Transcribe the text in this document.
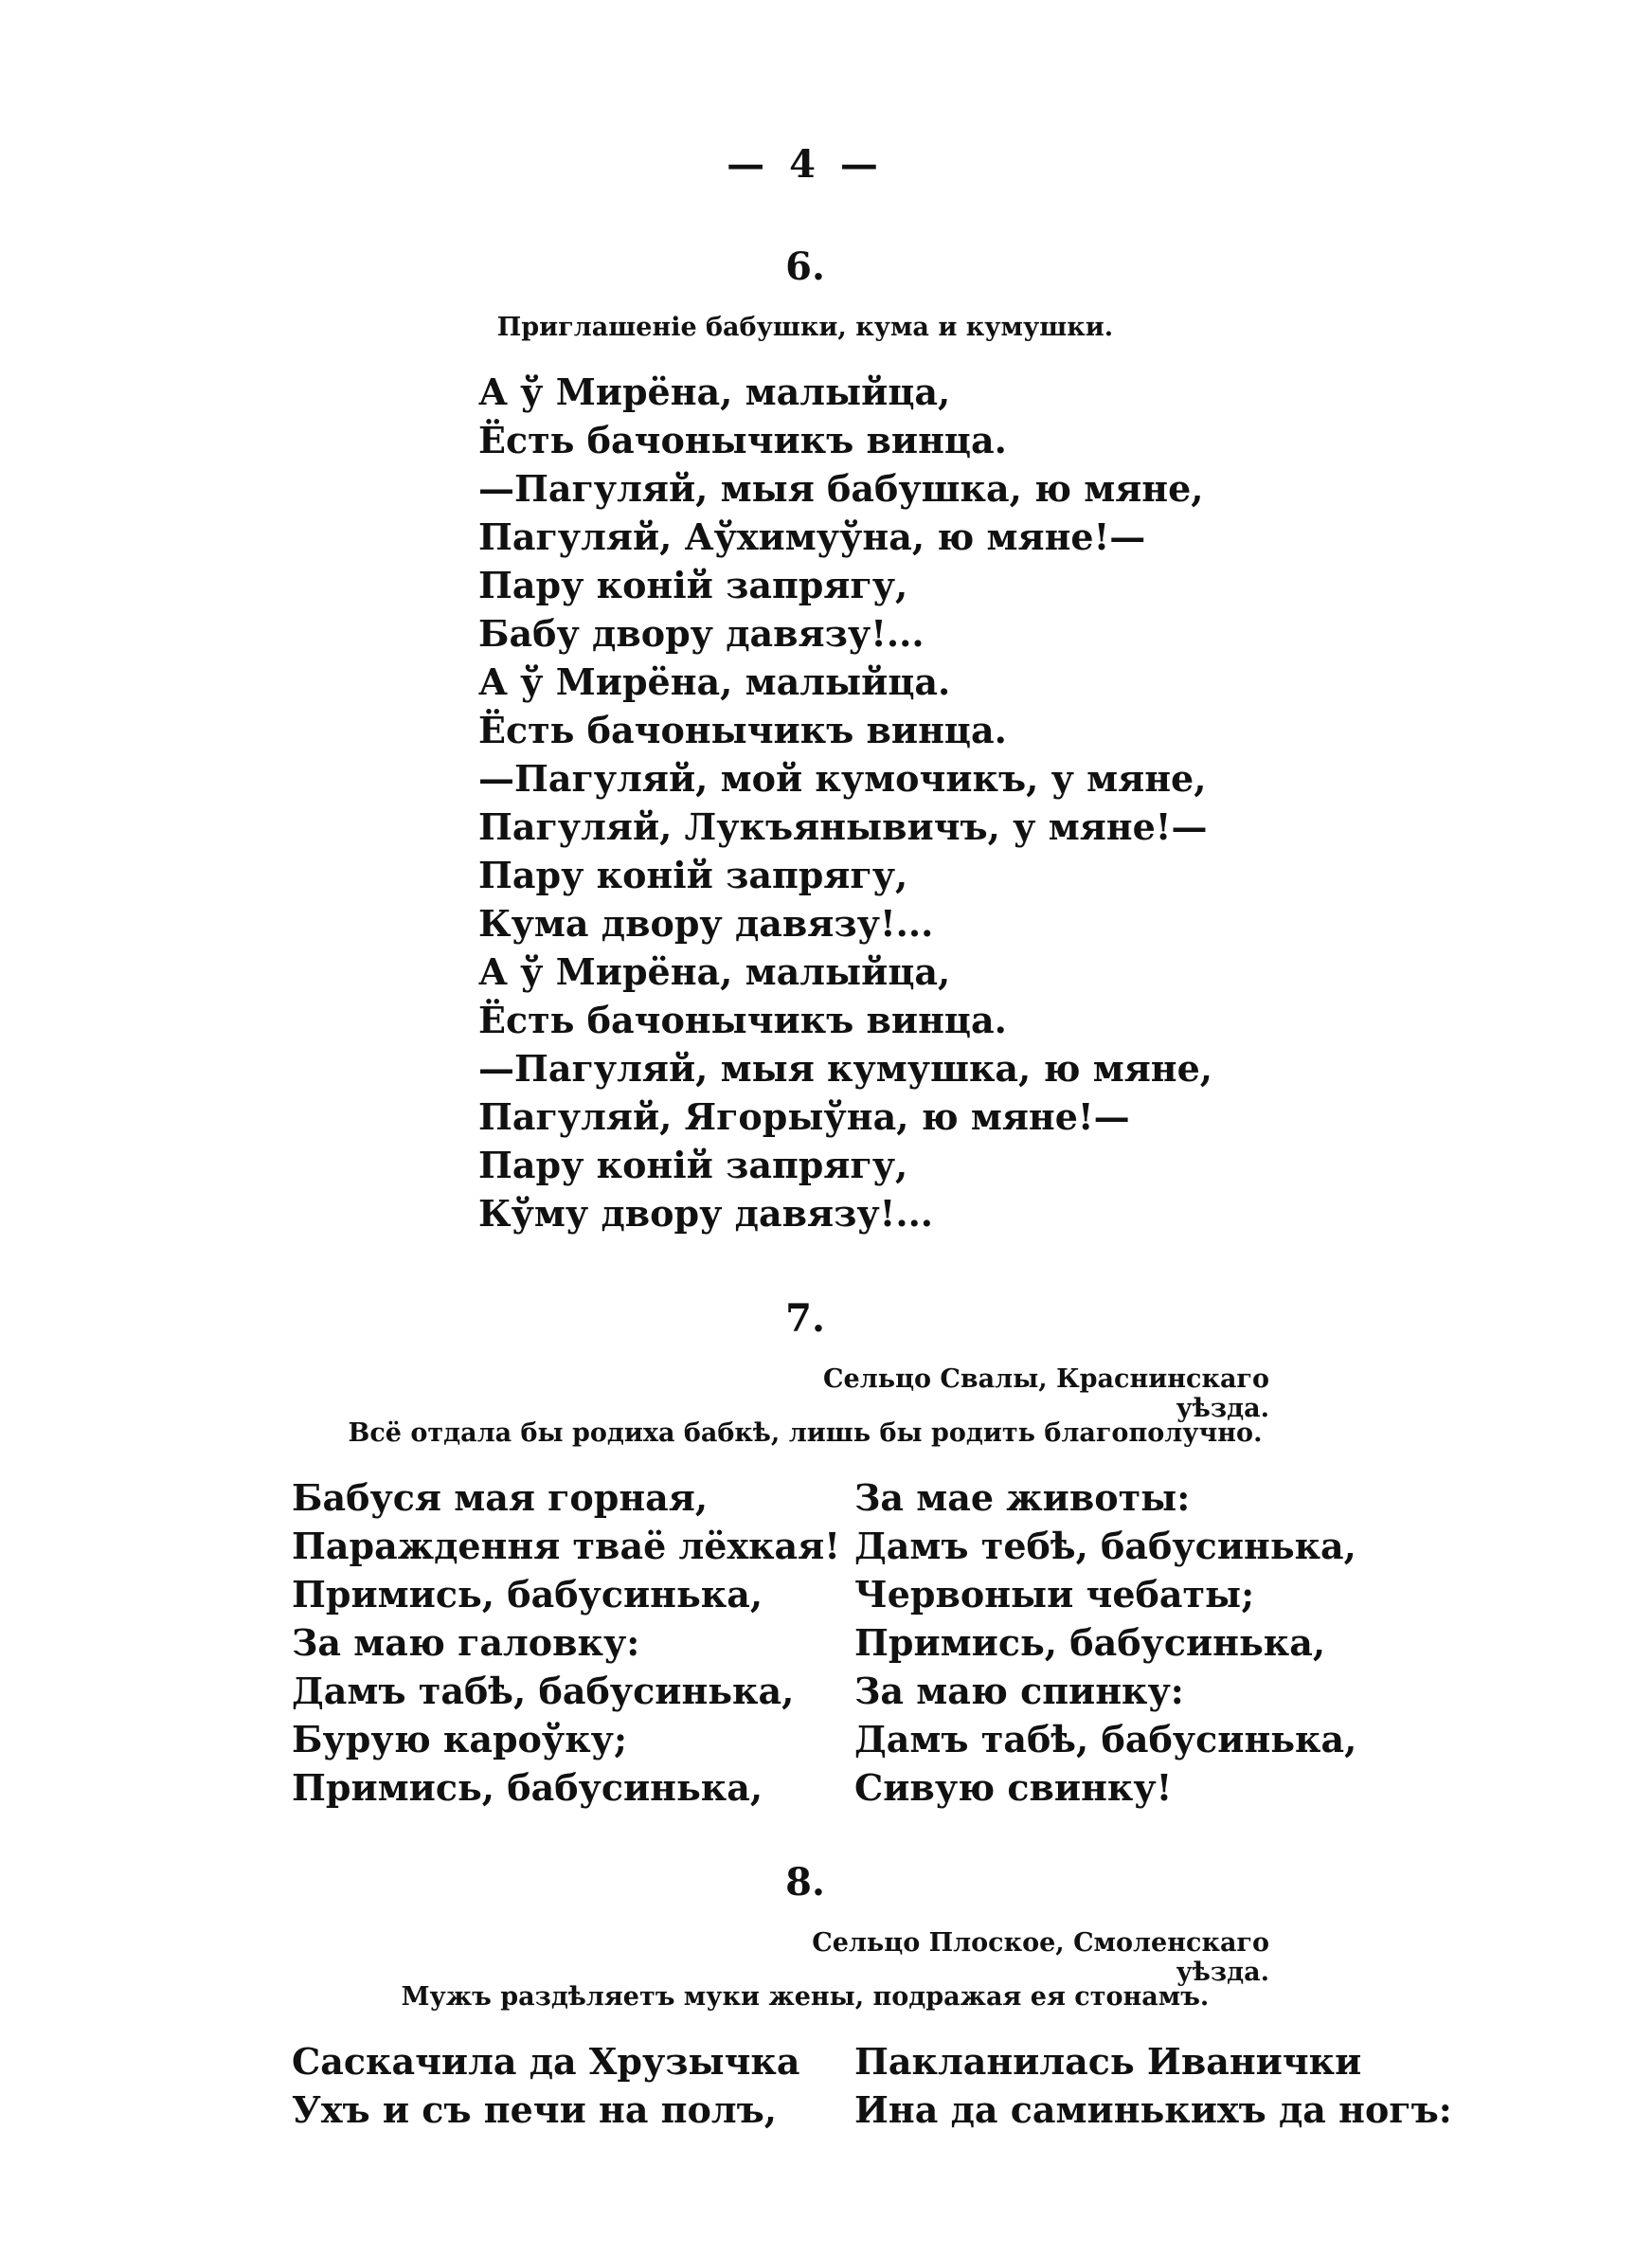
— 4 —
6.
Приглашеніе бабушки, кума и кумушки.
А ў Мирёна, малыйца,
Ёсть бачонычикъ винца.
—Пагуляй, мыя бабушка, ю мяне,
Пагуляй, Аўхимуўна, ю мяне!—
Пару коній запрягу,
Бабу двору давязу!...
А ў Мирёна, малыйца.
Ёсть бачонычикъ винца.
—Пагуляй, мой кумочикъ, у мяне,
Пагуляй, Лукъянывичъ, у мяне!—
Пару коній запрягу,
Кума двору давязу!...
А ў Мирёна, малыйца,
Ёсть бачонычикъ винца.
—Пагуляй, мыя кумушка, ю мяне,
Пагуляй, Ягорыўна, ю мяне!—
Пару коній запрягу,
Кўму двору давязу!...
7.
Сельцо Свалы, Краснинскаго уѣзда.
Всё отдала бы родиха бабкѣ, лишь бы родить благополучно.
Бабуся мая горная,
Параждення тваё лёхкая!
Примись, бабусинька,
За маю галовку:
Дамъ табѣ, бабусинька,
Бурую кароўку;
Примись, бабусинька,
За мае животы:
Дамъ тебѣ, бабусинька,
Червоныи чебаты;
Примись, бабусинька,
За маю спинку:
Дамъ табѣ, бабусинька,
Сивую свинку!
8.
Сельцо Плоское, Смоленскаго уѣзда.
Мужъ раздѣляетъ муки жены, подражая ея стонамъ.
Саскачила да Хрузычка
Ухъ и съ печи на полъ,
Пакланилась Иванички
Ина да саминькихъ да ногъ:
